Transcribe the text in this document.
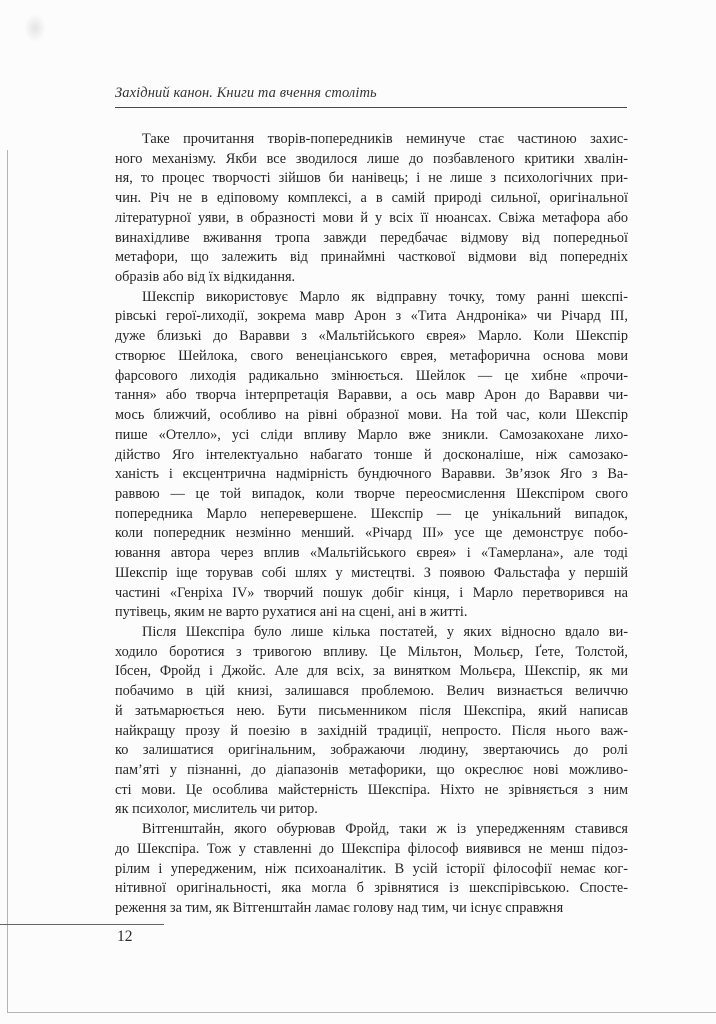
Західний канон. Книги та вчення століть
Таке прочитання творів-попередників неминуче стає частиною захис-
ного механізму. Якби все зводилося лише до позбавленого критики хвалін-
ня, то процес творчості зійшов би нанівець; і не лише з психологічних при-
чин. Річ не в едіповому комплексі, а в самій природі сильної, оригінальної
літературної уяви, в образності мови й у всіх її нюансах. Свіжа метафора або
винахідливе вживання тропа завжди передбачає відмову від попередньої
метафори, що залежить від принаймні часткової відмови від попередніх
образів або від їх відкидання.
Шекспір використовує Марло як відправну точку, тому ранні шекспі-
рівські герої-лиходії, зокрема мавр Арон з «Тита Андроніка» чи Річард III,
дуже близькі до Варавви з «Мальтійського єврея» Марло. Коли Шекспір
створює Шейлока, свого венеціанського єврея, метафорична основа мови
фарсового лиходія радикально змінюється. Шейлок — це хибне «прочи-
тання» або творча інтерпретація Варавви, а ось мавр Арон до Варавви чи-
мось ближчий, особливо на рівні образної мови. На той час, коли Шекспір
пише «Отелло», усі сліди впливу Марло вже зникли. Самозакохане лихо-
дійство Яго інтелектуально набагато тонше й досконаліше, ніж самозако-
ханість і ексцентрична надмірність бундючного Варавви. Зв’язок Яго з Ва-
раввою — це той випадок, коли творче переосмислення Шекспіром свого
попередника Марло неперевершене. Шекспір — це унікальний випадок,
коли попередник незмінно менший. «Річард III» усе ще демонструє побо-
ювання автора через вплив «Мальтійського єврея» і «Тамерлана», але тоді
Шекспір іще торував собі шлях у мистецтві. З появою Фальстафа у першій
частині «Генріха IV» творчий пошук добіг кінця, і Марло перетворився на
путівець, яким не варто рухатися ані на сцені, ані в житті.
Після Шекспіра було лише кілька постатей, у яких відносно вдало ви-
ходило боротися з тривогою впливу. Це Мільтон, Мольєр, Ґете, Толстой,
Ібсен, Фройд і Джойс. Але для всіх, за винятком Мольєра, Шекспір, як ми
побачимо в цій книзі, залишався проблемою. Велич визнається величчю
й затьмарюється нею. Бути письменником після Шекспіра, який написав
найкращу прозу й поезію в західній традиції, непросто. Після нього важ-
ко залишатися оригінальним, зображаючи людину, звертаючись до ролі
пам’яті у пізнанні, до діапазонів метафорики, що окреслює нові можливо-
сті мови. Це особлива майстерність Шекспіра. Ніхто не зрівняється з ним
як психолог, мислитель чи ритор.
Вітгенштайн, якого обурював Фройд, таки ж із упередженням ставився
до Шекспіра. Тож у ставленні до Шекспіра філософ виявився не менш підоз-
рілим і упередженим, ніж психоаналітик. В усій історії філософії немає ког-
нітивної оригінальності, яка могла б зрівнятися із шекспірівською. Спосте-
реження за тим, як Вітгенштайн ламає голову над тим, чи існує справжня
12
